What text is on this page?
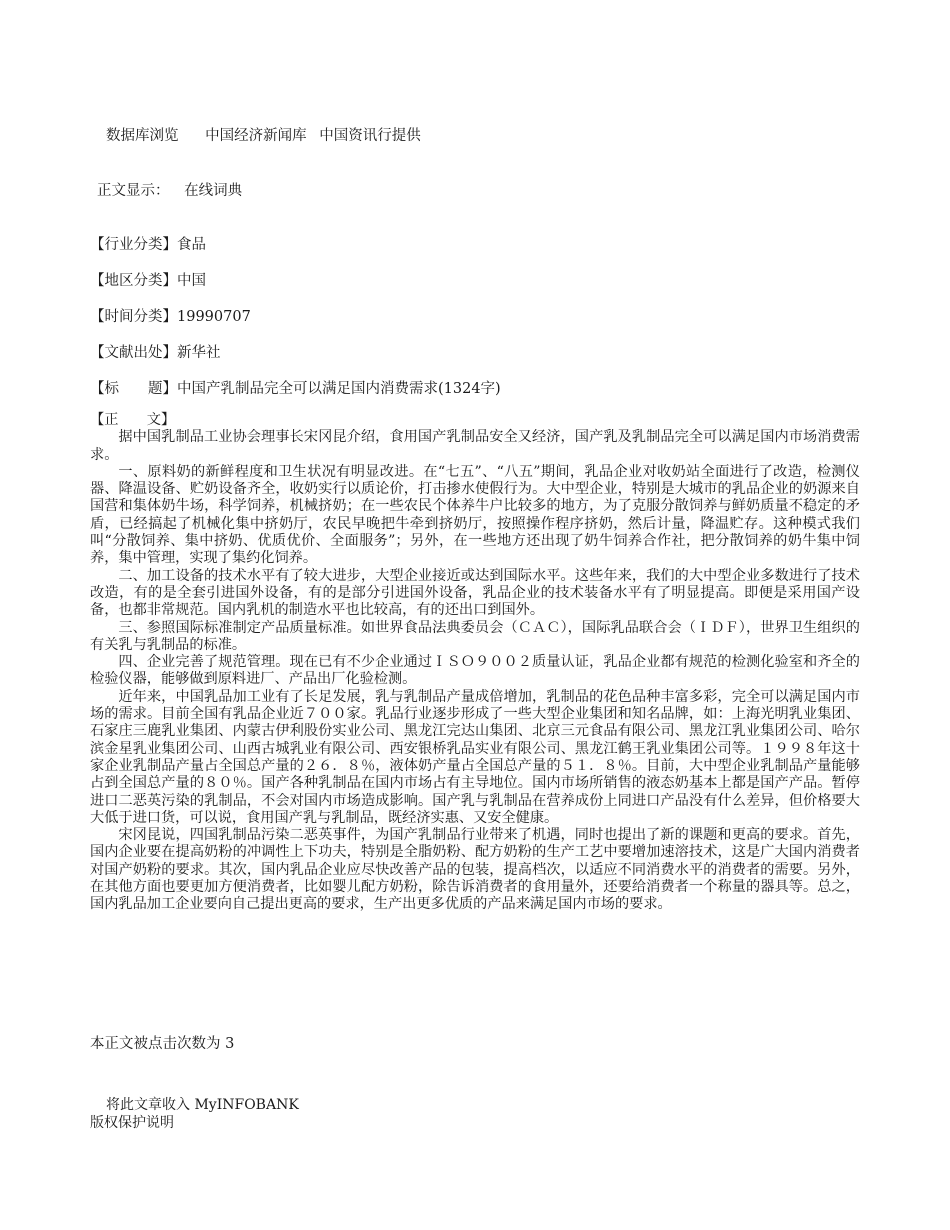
数据库浏览 中国经济新闻库 中国资讯行提供
正文显示： 在线词典
【行业分类】食品
【地区分类】中国
【时间分类】19990707
【文献出处】新华社
【标　　题】中国产乳制品完全可以满足国内消费需求(1324字)

【正　　文】

据中国乳制品工业协会理事长宋冈昆介绍，食用国产乳制品安全又经济，国产乳及乳制品完全可以满足国内市场消费需求。

一、原料奶的新鲜程度和卫生状况有明显改进。在“七五”、“八五”期间，乳品企业对收奶站全面进行了改造，检测仪器、降温设备、贮奶设备齐全，收奶实行以质论价，打击掺水使假行为。大中型企业，特别是大城市的乳品企业的奶源来自国营和集体奶牛场，科学饲养，机械挤奶；在一些农民个体养牛户比较多的地方，为了克服分散饲养与鲜奶质量不稳定的矛盾，已经搞起了机械化集中挤奶厅，农民早晚把牛牵到挤奶厅，按照操作程序挤奶，然后计量，降温贮存。这种模式我们叫“分散饲养、集中挤奶、优质优价、全面服务”；另外，在一些地方还出现了奶牛饲养合作社，把分散饲养的奶牛集中饲养，集中管理，实现了集约化饲养。

二、加工设备的技术水平有了较大进步，大型企业接近或达到国际水平。这些年来，我们的大中型企业多数进行了技术改造，有的是全套引进国外设备，有的是部分引进国外设备，乳品企业的技术装备水平有了明显提高。即便是采用国产设备，也都非常规范。国内乳机的制造水平也比较高，有的还出口到国外。

三、参照国际标准制定产品质量标准。如世界食品法典委员会（ＣＡＣ），国际乳品联合会（ＩＤＦ），世界卫生组织的有关乳与乳制品的标准。

四、企业完善了规范管理。现在已有不少企业通过ＩＳＯ９００２质量认证，乳品企业都有规范的检测化验室和齐全的检验仪器，能够做到原料进厂、产品出厂化验检测。

近年来，中国乳品加工业有了长足发展，乳与乳制品产量成倍增加，乳制品的花色品种丰富多彩，完全可以满足国内市场的需求。目前全国有乳品企业近７００家。乳品行业逐步形成了一些大型企业集团和知名品牌，如：上海光明乳业集团、石家庄三鹿乳业集团、内蒙古伊利股份实业公司、黑龙江完达山集团、北京三元食品有限公司、黑龙江乳业集团公司、哈尔滨金星乳业集团公司、山西古城乳业有限公司、西安银桥乳品实业有限公司、黑龙江鹤王乳业集团公司等。１９９８年这十家企业乳制品产量占全国总产量的２６．８％，液体奶产量占全国总产量的５１．８％。目前，大中型企业乳制品产量能够占到全国总产量的８０％。国产各种乳制品在国内市场占有主导地位。国内市场所销售的液态奶基本上都是国产产品。暂停进口二恶英污染的乳制品，不会对国内市场造成影响。国产乳与乳制品在营养成份上同进口产品没有什么差异，但价格要大大低于进口货，可以说，食用国产乳与乳制品，既经济实惠、又安全健康。

宋冈昆说，四国乳制品污染二恶英事件，为国产乳制品行业带来了机遇，同时也提出了新的课题和更高的要求。首先，国内企业要在提高奶粉的冲调性上下功夫，特别是全脂奶粉、配方奶粉的生产工艺中要增加速溶技术，这是广大国内消费者对国产奶粉的要求。其次，国内乳品企业应尽快改善产品的包装，提高档次，以适应不同消费水平的消费者的需要。另外，在其他方面也要更加方便消费者，比如婴儿配方奶粉，除告诉消费者的食用量外，还要给消费者一个称量的器具等。总之，国内乳品加工企业要向自己提出更高的要求，生产出更多优质的产品来满足国内市场的要求。

本正文被点击次数为 3
将此文章收入 MyINFOBANK
版权保护说明
